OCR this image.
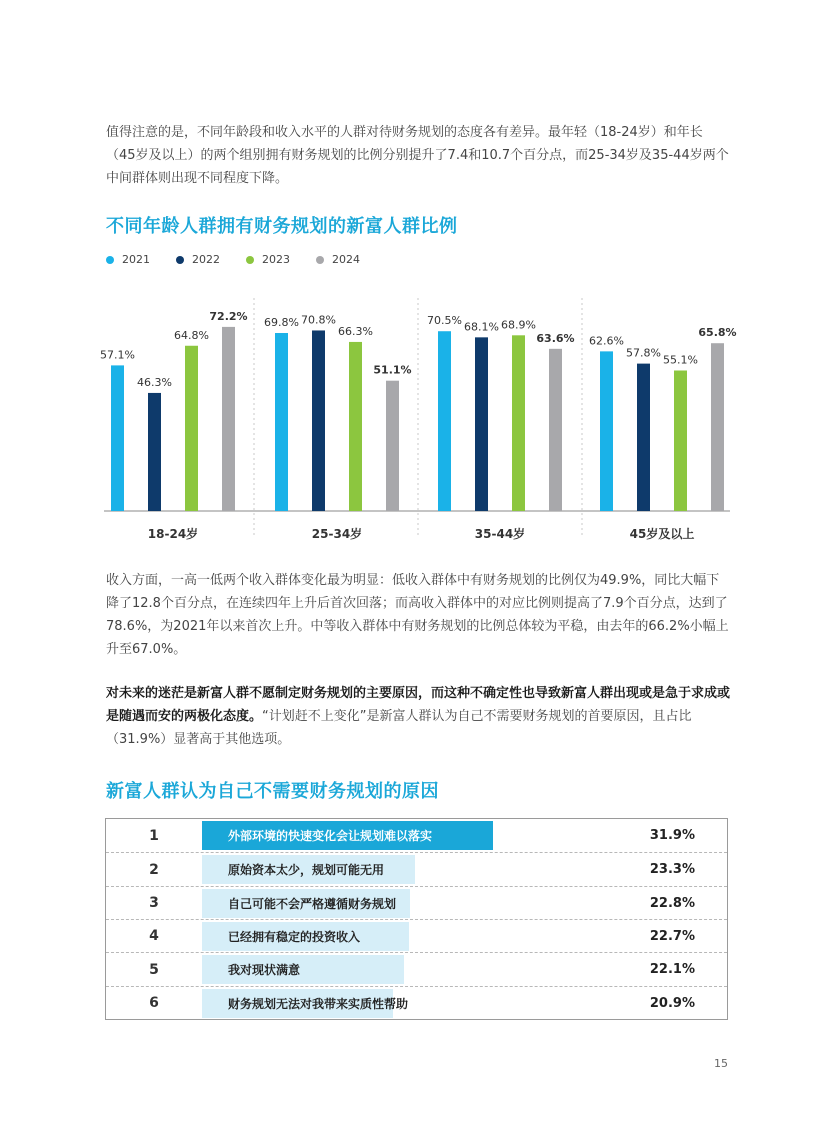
值得注意的是，不同年龄段和收入水平的人群对待财务规划的态度各有差异。最年轻（18-24岁）和年长（45岁及以上）的两个组别拥有财务规划的比例分别提升了7.4和10.7个百分点，而25-34岁及35-44岁两个中间群体则出现不同程度下降。

不同年龄人群拥有财务规划的新富人群比例
2021	2022	2023	2024
57.1%
46.3%
64.8%
72.2%
18-24岁
69.8% 70.8%
66.3%
51.1%
25-34岁
70.5% 68.1% 68.9%
63.6%
35-44岁
62.6%
57.8%
55.1%
65.8%
45岁及以上

收入方面，一高一低两个收入群体变化最为明显：低收入群体中有财务规划的比例仅为49.9%，同比大幅下降了12.8个百分点，在连续四年上升后首次回落；而高收入群体中的对应比例则提高了7.9个百分点，达到了78.6%，为2021年以来首次上升。中等收入群体中有财务规划的比例总体较为平稳，由去年的66.2%小幅上升至67.0%。

对未来的迷茫是新富人群不愿制定财务规划的主要原因，而这种不确定性也导致新富人群出现或是急于求成或是随遇而安的两极化态度。“计划赶不上变化”是新富人群认为自己不需要财务规划的首要原因，且占比（31.9%）显著高于其他选项。

新富人群认为自己不需要财务规划的原因
1	外部环境的快速变化会让规划难以落实	31.9%
2	原始资本太少，规划可能无用	23.3%
3	自己可能不会严格遵循财务规划	22.8%
4	已经拥有稳定的投资收入	22.7%
5	我对现状满意	22.1%
6	财务规划无法对我带来实质性帮助	20.9%
15
